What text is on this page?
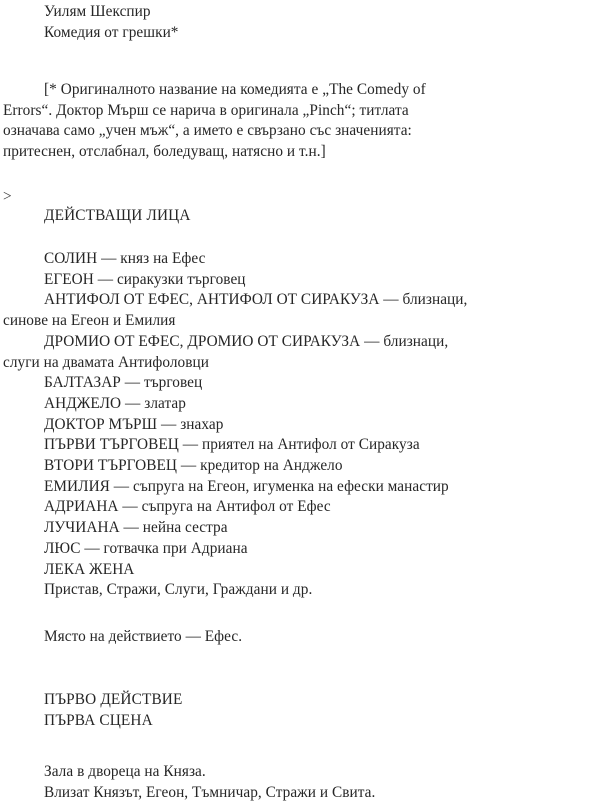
Уилям Шекспир
Комедия от грешки*
[* Оригиналното название на комедията е „The Comedy of
Errors“. Доктор Мърш се нарича в оригинала „Pinch“; титлата
означава само „учен мъж“, а името е свързано със значенията:
притеснен, отслабнал, боледуващ, натясно и т.н.]
>
ДЕЙСТВАЩИ ЛИЦА
СОЛИН — княз на Ефес
ЕГЕОН — сиракузки търговец
АНТИФОЛ ОТ ЕФЕС, АНТИФОЛ ОТ СИРАКУЗА — близнаци,
синове на Егеон и Емилия
ДРОМИО ОТ ЕФЕС, ДРОМИО ОТ СИРАКУЗА — близнаци,
слуги на двамата Антифоловци
БАЛТАЗАР — търговец
АНДЖЕЛО — златар
ДОКТОР МЪРШ — знахар
ПЪРВИ ТЪРГОВЕЦ — приятел на Антифол от Сиракуза
ВТОРИ ТЪРГОВЕЦ — кредитор на Анджело
ЕМИЛИЯ — съпруга на Егеон, игуменка на ефески манастир
АДРИАНА — съпруга на Антифол от Ефес
ЛУЧИАНА — нейна сестра
ЛЮС — готвачка при Адриана
ЛЕКА ЖЕНА
Пристав, Стражи, Слуги, Граждани и др.
Място на действието — Ефес.
ПЪРВО ДЕЙСТВИЕ
ПЪРВА СЦЕНА
Зала в двореца на Княза.
Влизат Князът, Егеон, Тъмничар, Стражи и Свита.
